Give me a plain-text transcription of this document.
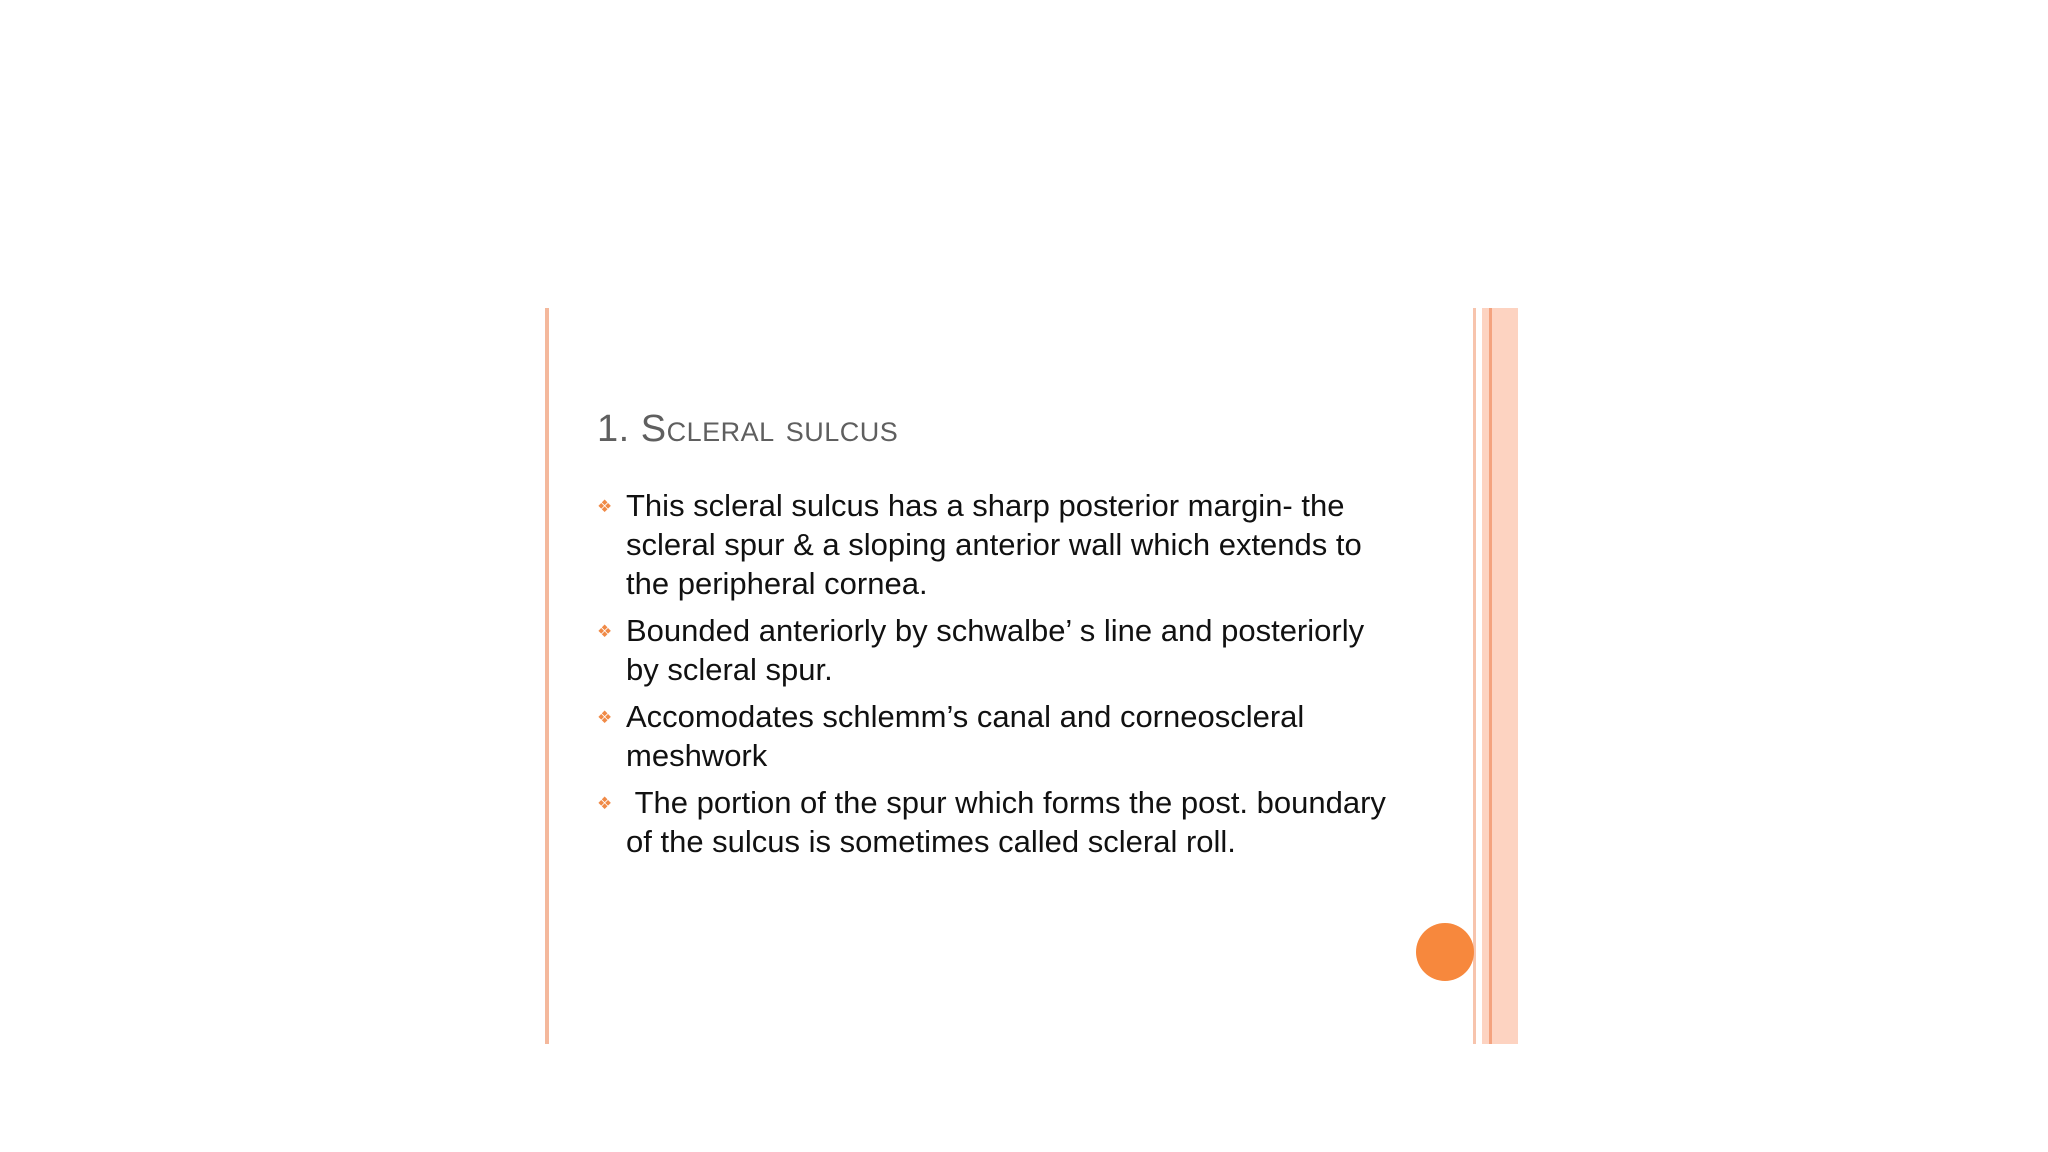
1. Scleral sulcus
❖ This scleral sulcus has a sharp posterior margin- the scleral spur & a sloping anterior wall which extends to the peripheral cornea.
❖ Bounded anteriorly by schwalbe’ s line and posteriorly by scleral spur.
❖ Accomodates schlemm’s canal and corneoscleral meshwork
❖ The portion of the spur which forms the post. boundary of the sulcus is sometimes called scleral roll.
